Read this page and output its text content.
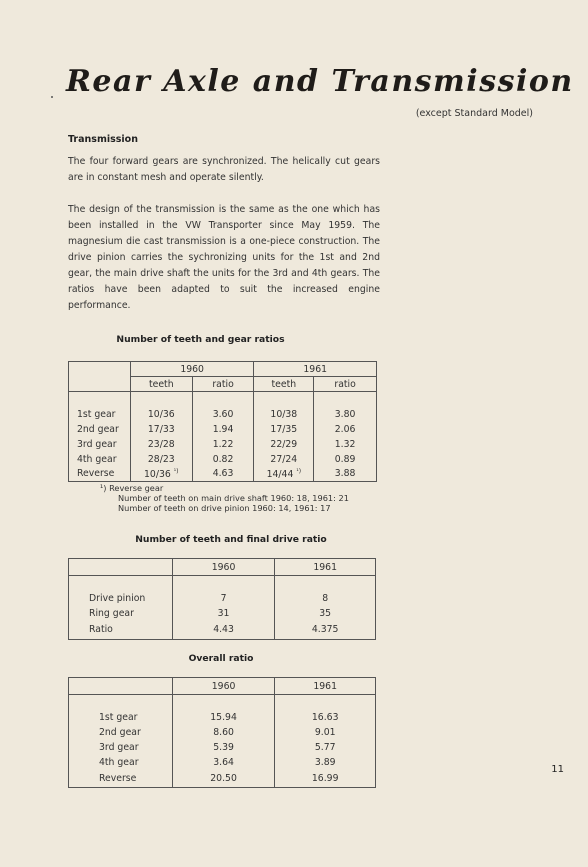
Rear Axle and Transmission
(except Standard Model)
Transmission

The four forward gears are synchronized. The helically cut gears are in constant mesh and operate silently.

The design of the transmission is the same as the one which has been installed in the VW Transporter since May 1959. The magnesium die cast transmission is a one-piece construction. The drive pinion carries the sychronizing units for the 1st and 2nd gear, the main drive shaft the units for the 3rd and 4th gears. The ratios have been adapted to suit the increased engine performance.

Number of teeth and gear ratios
	1960		1961	
	teeth	ratio	teeth	ratio

1st gear	10/36	3.60	10/38	3.80
2nd gear	17/33	1.94	17/35	2.06
3rd gear	23/28	1.22	22/29	1.32
4th gear	28/23	0.82	27/24	0.89
Reverse	10/36 $^{^1)}$	4.63	14/44 $^{^1)}$	3.88
¹) Reverse gear
Number of teeth on main drive shaft 1960: 18, 1961: 21
Number of teeth on drive pinion 1960: 14, 1961: 17
Number of teeth and final drive ratio
	1960	1961

Drive pinion	7	8
Ring gear	31	35
Ratio	4.43	4.375
Overall ratio
	1960	1961

1st gear	15.94	16.63
2nd gear	8.60	9.01
3rd gear	5.39	5.77
4th gear	3.64	3.89
Reverse	20.50	16.99
11
